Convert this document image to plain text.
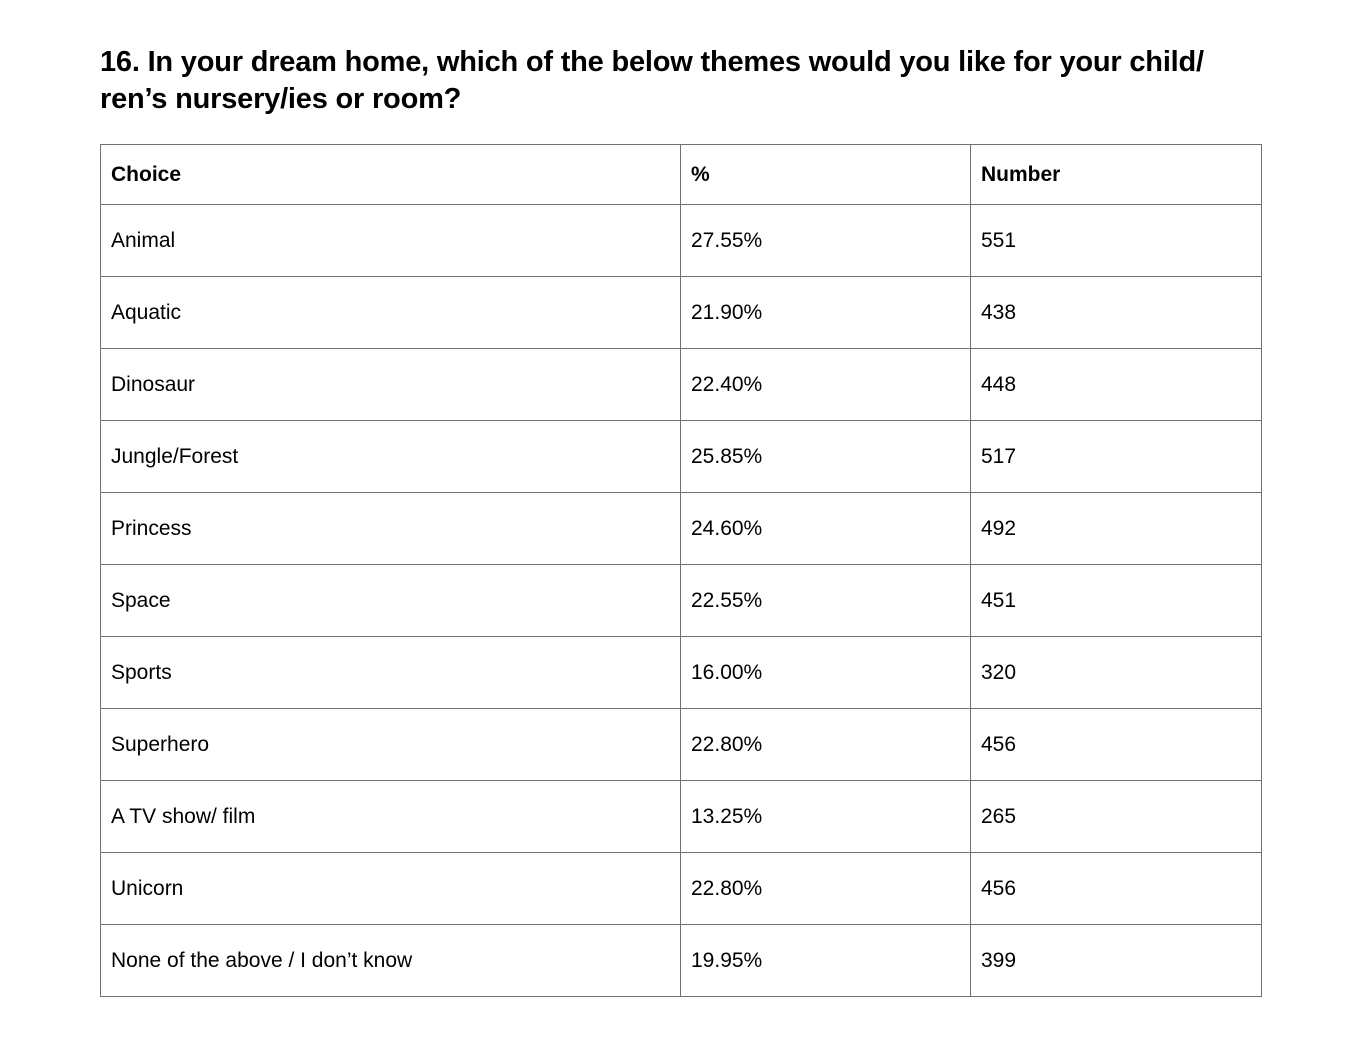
16. In your dream home, which of the below themes would you like for your child/ ren’s nursery/ies or room?
Choice	%	Number
Animal	27.55%	551
Aquatic	21.90%	438
Dinosaur	22.40%	448
Jungle/Forest	25.85%	517
Princess	24.60%	492
Space	22.55%	451
Sports	16.00%	320
Superhero	22.80%	456
A TV show/ film	13.25%	265
Unicorn	22.80%	456
None of the above / I don’t know	19.95%	399
